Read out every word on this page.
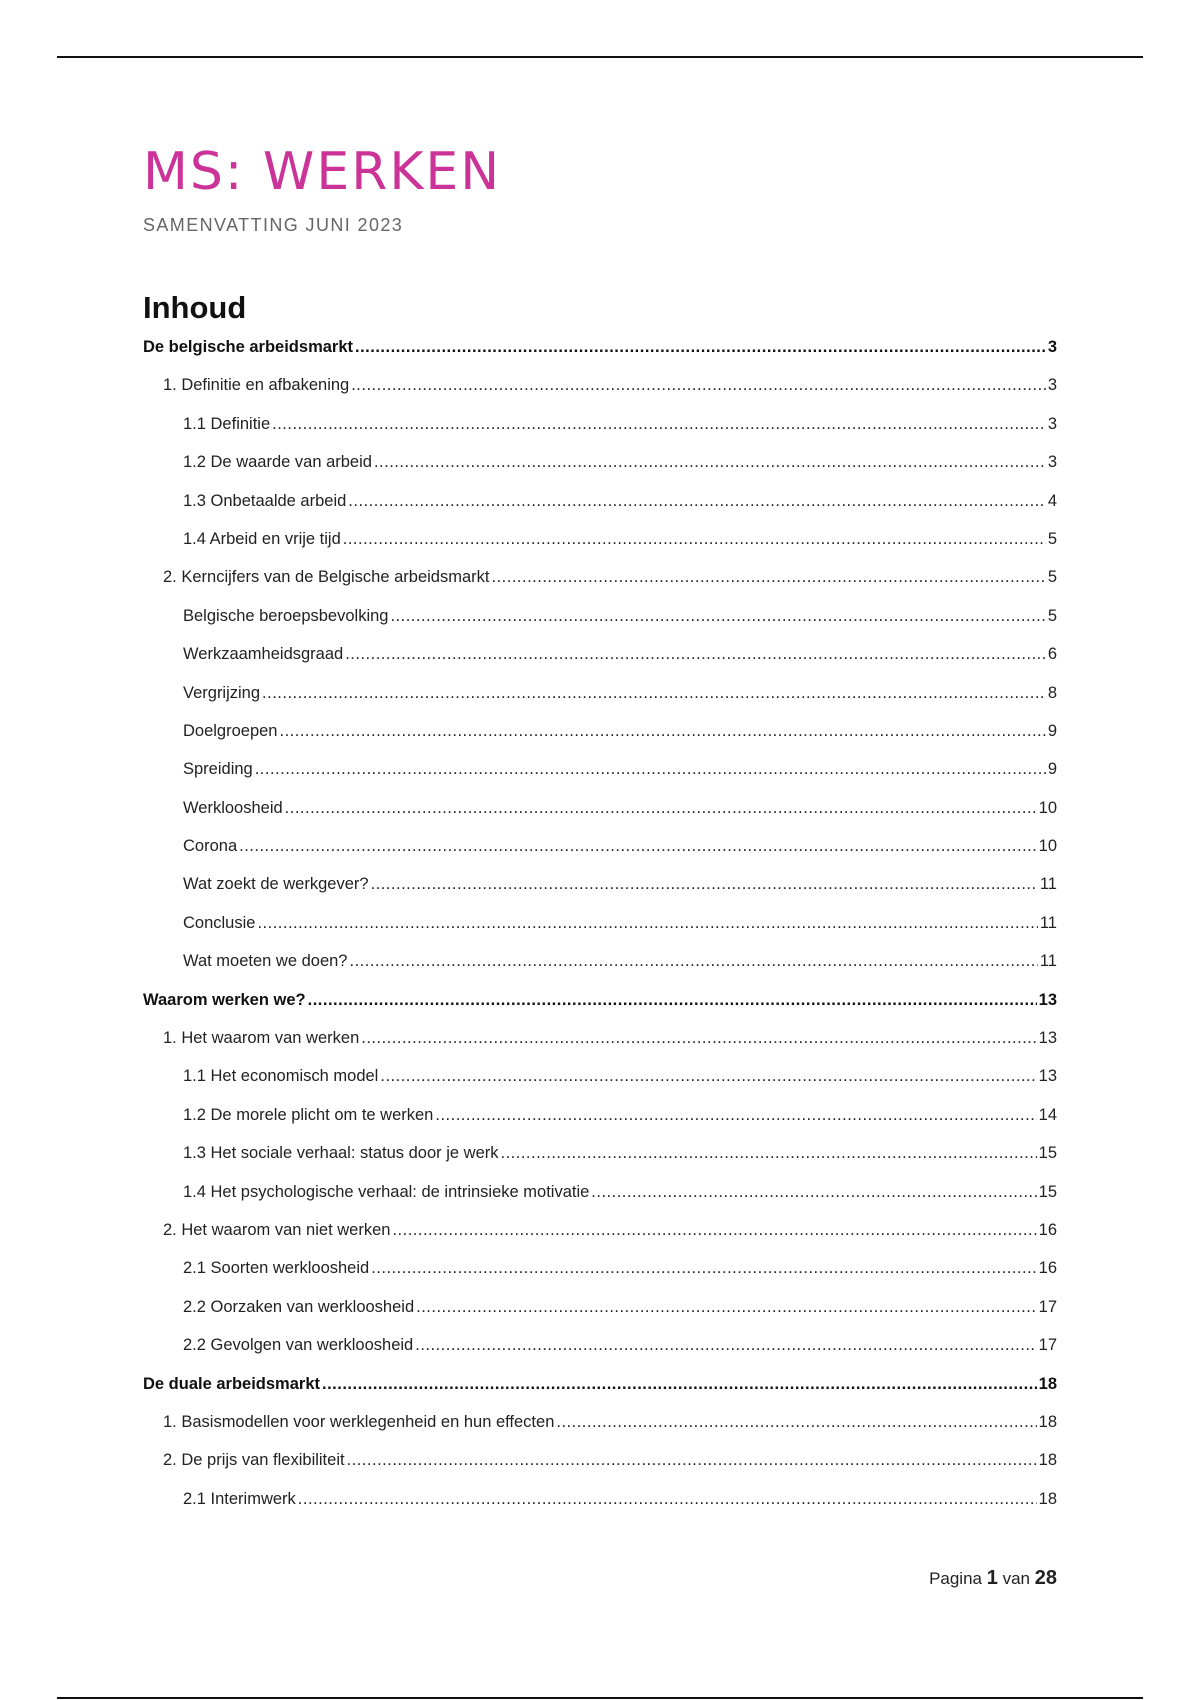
MS: WERKEN
SAMENVATTING JUNI 2023
Inhoud
De belgische arbeidsmarkt .....	3
1. Definitie en afbakening .....	3
1.1 Definitie .....	3
1.2 De waarde van arbeid .....	3
1.3 Onbetaalde arbeid .....	4
1.4 Arbeid en vrije tijd .....	5
2. Kerncijfers van de Belgische arbeidsmarkt .....	5
Belgische beroepsbevolking .....	5
Werkzaamheidsgraad .....	6
Vergrijzing .....	8
Doelgroepen .....	9
Spreiding .....	9
Werkloosheid .....	10
Corona .....	10
Wat zoekt de werkgever? .....	11
Conclusie .....	11
Wat moeten we doen? .....	11
Waarom werken we? .....	13
1. Het waarom van werken .....	13
1.1 Het economisch model .....	13
1.2 De morele plicht om te werken .....	14
1.3 Het sociale verhaal: status door je werk .....	15
1.4 Het psychologische verhaal: de intrinsieke motivatie .....	15
2. Het waarom van niet werken .....	16
2.1 Soorten werkloosheid .....	16
2.2 Oorzaken van werkloosheid .....	17
2.2 Gevolgen van werkloosheid .....	17
De duale arbeidsmarkt .....	18
1. Basismodellen voor werklegenheid en hun effecten .....	18
2. De prijs van flexibiliteit .....	18
2.1 Interimwerk .....	18
Pagina 1 van 28
